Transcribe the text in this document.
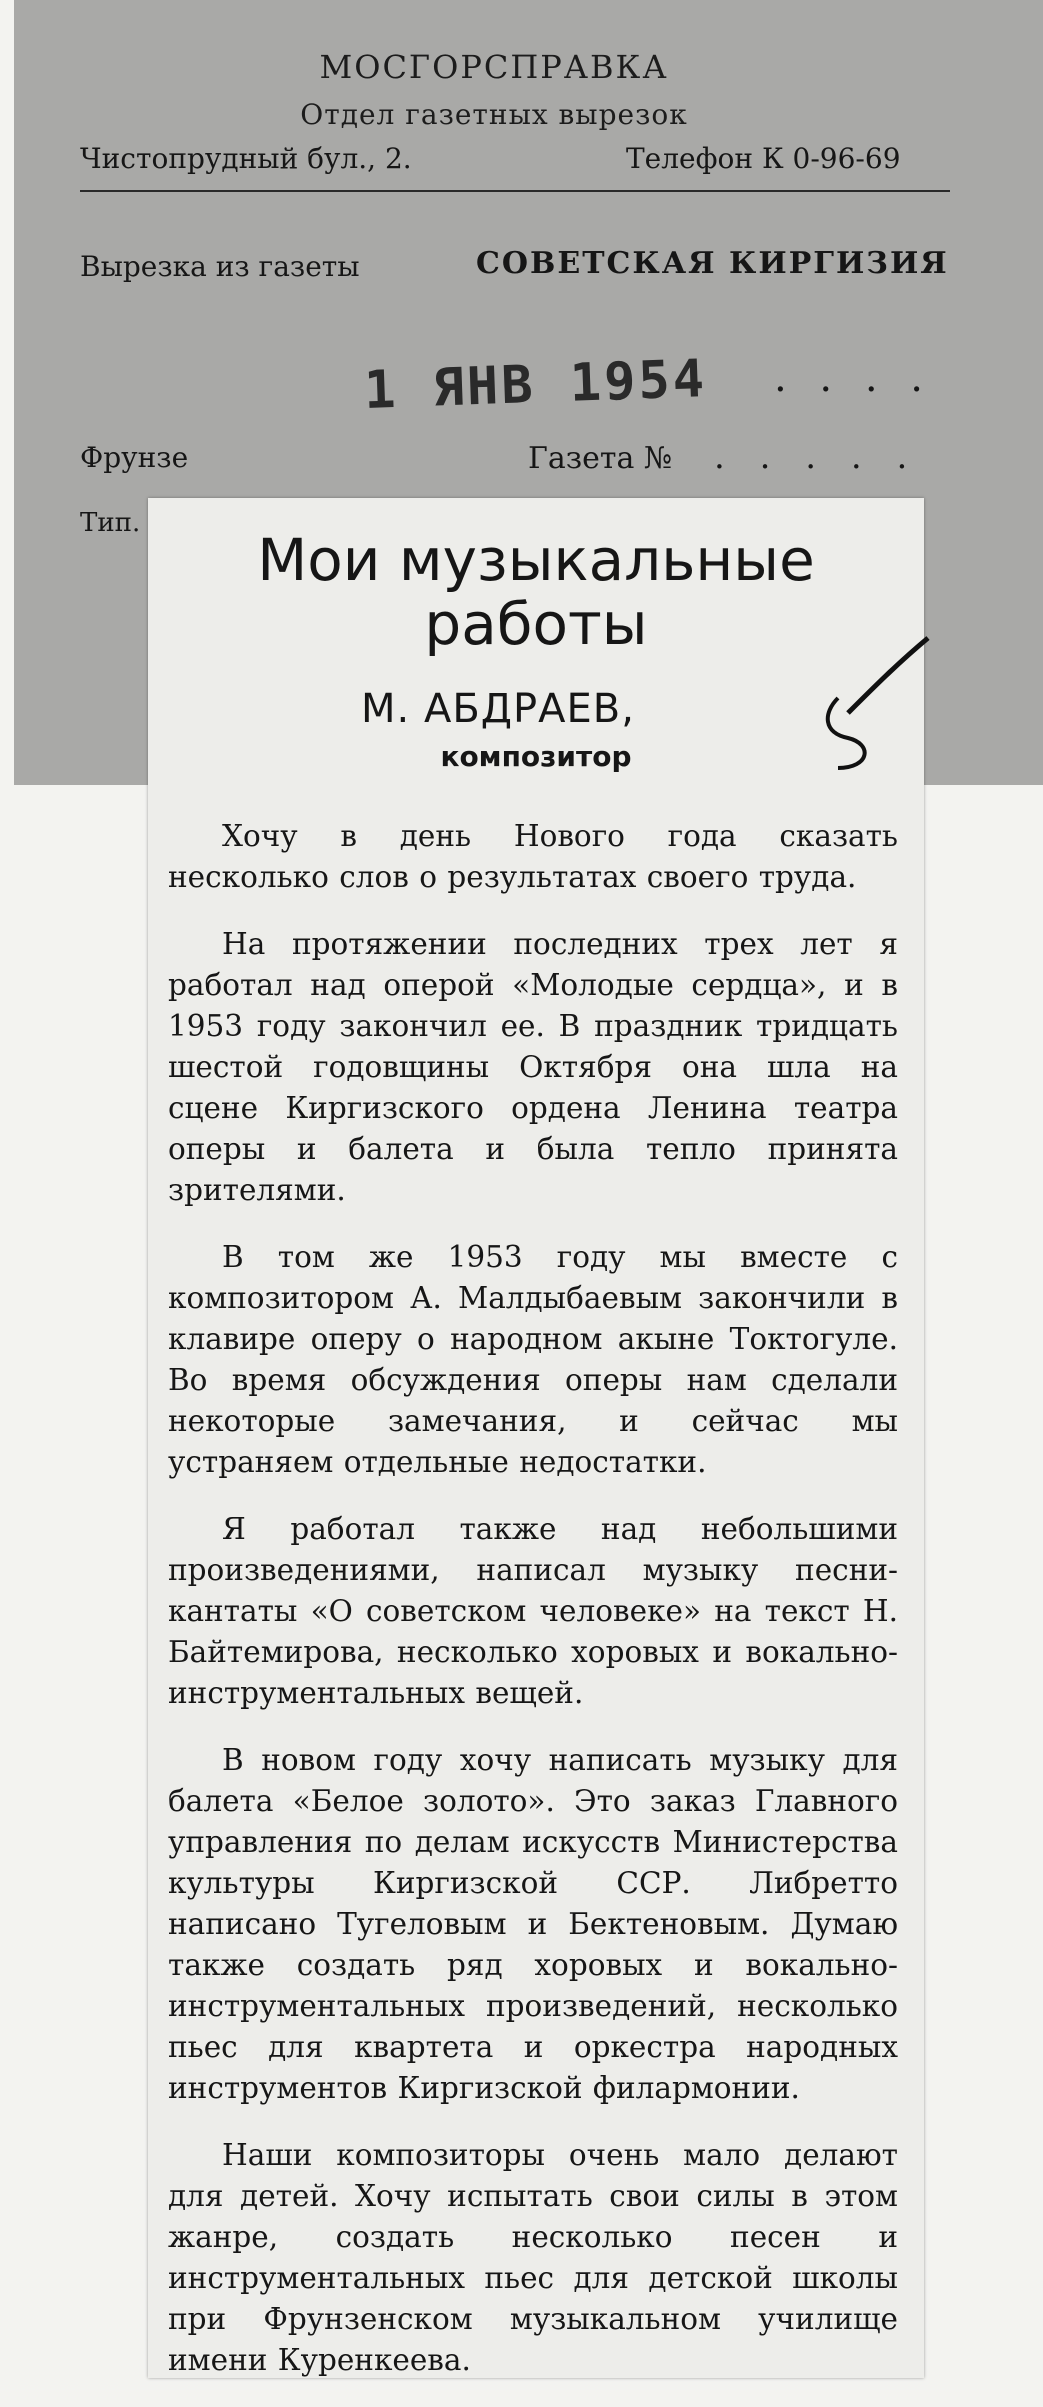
МОСГОРСПРАВКА
Отдел газетных вырезок
Чистопрудный бул., 2.	Телефон К 0-96-69
Вырезка из газеты	СОВЕТСКАЯ КИРГИЗИЯ
1 ЯНВ 1954 . . . .
Фрунзе	Газета № . . . . .
Тип.
Мои музыкальные
работы
М. АБДРАЕВ,
композитор

Хочу в день Нового года сказать несколько слов о результатах своего труда.

На протяжении последних трех лет я работал над оперой «Молодые сердца», и в 1953 году закончил ее. В праздник тридцать шестой годовщины Октября она шла на сцене Киргизского ордена Ленина театра оперы и балета и была тепло принята зрителями.

В том же 1953 году мы вместе с композитором А. Малдыбаевым закончили в клавире оперу о народном акыне Токтогуле. Во время обсуждения оперы нам сделали некоторые замечания, и сейчас мы устраняем отдельные недостатки.

Я работал также над небольшими произведениями, написал музыку песни-кантаты «О советском человеке» на текст Н. Байтемирова, несколько хоровых и вокально-инструментальных вещей.

В новом году хочу написать музыку для балета «Белое золото». Это заказ Главного управления по делам искусств Министерства культуры Киргизской ССР. Либретто написано Тугеловым и Бектеновым. Думаю также создать ряд хоровых и вокально-инструментальных произведений, несколько пьес для квартета и оркестра народных инструментов Киргизской филармонии.

Наши композиторы очень мало делают для детей. Хочу испытать свои силы в этом жанре, создать несколько песен и инструментальных пьес для детской школы при Фрунзенском музыкальном училище имени Куренкеева.
